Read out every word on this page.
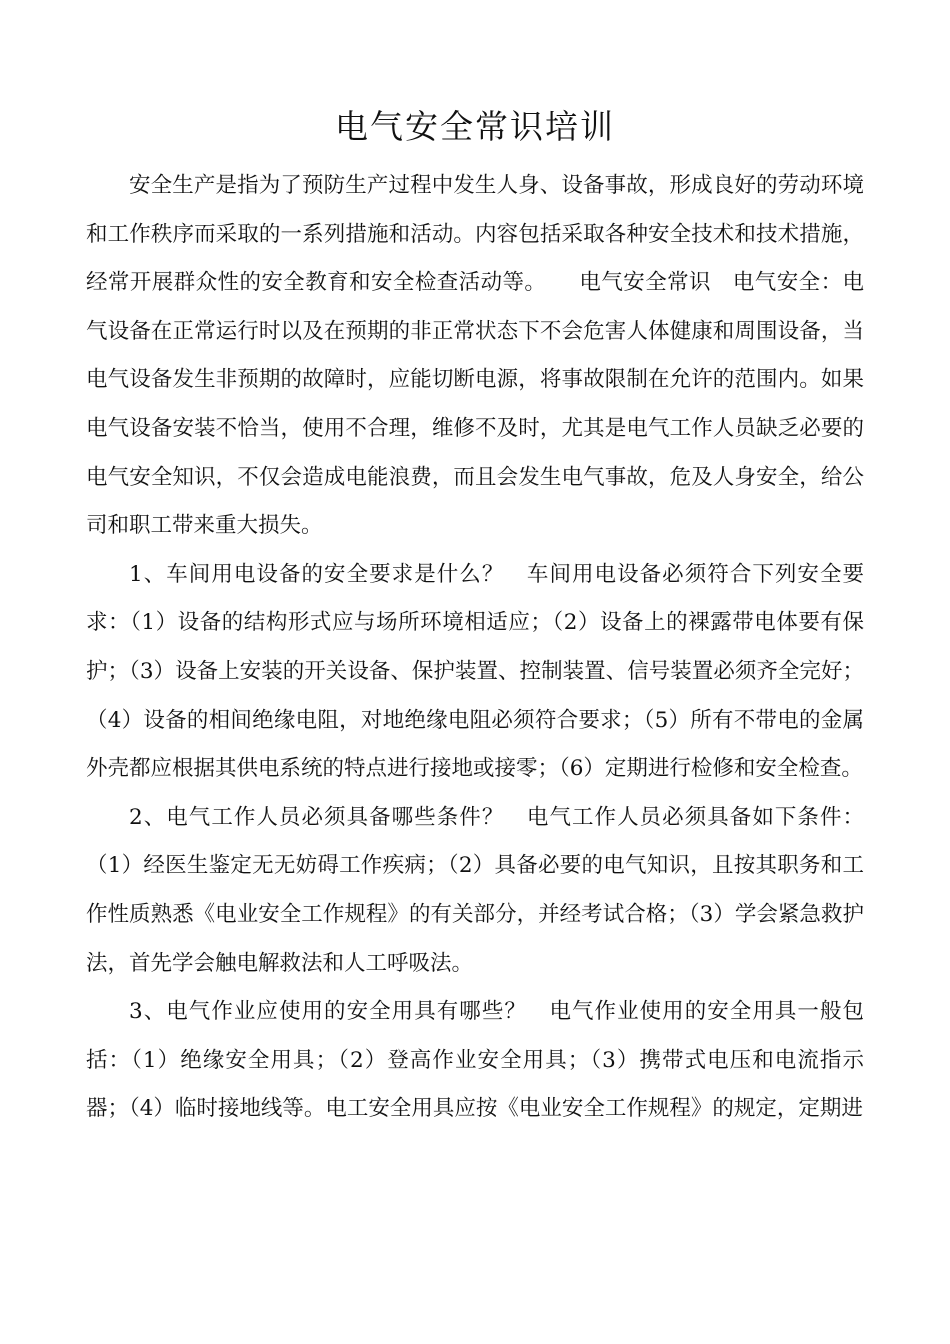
电气安全常识培训

安全生产是指为了预防生产过程中发生人身、设备事故，形成良好的劳动环境和工作秩序而采取的一系列措施和活动。内容包括采取各种安全技术和技术措施，经常开展群众性的安全教育和安全检查活动等。　　电气安全常识　电气安全：电气设备在正常运行时以及在预期的非正常状态下不会危害人体健康和周围设备，当电气设备发生非预期的故障时，应能切断电源，将事故限制在允许的范围内。如果电气设备安装不恰当，使用不合理，维修不及时，尤其是电气工作人员缺乏必要的电气安全知识，不仅会造成电能浪费，而且会发生电气事故，危及人身安全，给公司和职工带来重大损失。

1、车间用电设备的安全要求是什么？　车间用电设备必须符合下列安全要求：（1）设备的结构形式应与场所环境相适应；（2）设备上的裸露带电体要有保护；（3）设备上安装的开关设备、保护装置、控制装置、信号装置必须齐全完好；（4）设备的相间绝缘电阻，对地绝缘电阻必须符合要求；（5）所有不带电的金属外壳都应根据其供电系统的特点进行接地或接零；（6）定期进行检修和安全检查。

2、电气工作人员必须具备哪些条件？　电气工作人员必须具备如下条件：（1）经医生鉴定无无妨碍工作疾病；（2）具备必要的电气知识，且按其职务和工作性质熟悉《电业安全工作规程》的有关部分，并经考试合格；（3）学会紧急救护法，首先学会触电解救法和人工呼吸法。

3、电气作业应使用的安全用具有哪些？　电气作业使用的安全用具一般包括：（1）绝缘安全用具；（2）登高作业安全用具；（3）携带式电压和电流指示器；（4）临时接地线等。电工安全用具应按《电业安全工作规程》的规定，定期进
